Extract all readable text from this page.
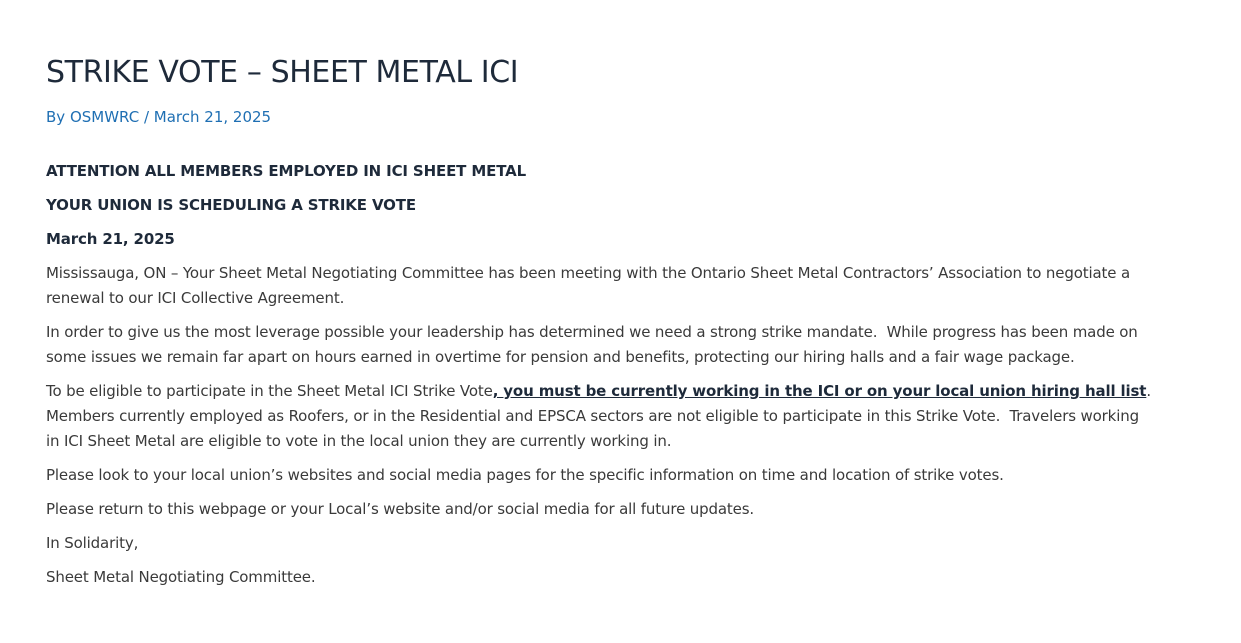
STRIKE VOTE – SHEET METAL ICI
By OSMWRC / March 21, 2025

ATTENTION ALL MEMBERS EMPLOYED IN ICI SHEET METAL

YOUR UNION IS SCHEDULING A STRIKE VOTE

March 21, 2025

Mississauga, ON – Your Sheet Metal Negotiating Committee has been meeting with the Ontario Sheet Metal Contractors’ Association to negotiate a renewal to our ICI Collective Agreement.

In order to give us the most leverage possible your leadership has determined we need a strong strike mandate.  While progress has been made on some issues we remain far apart on hours earned in overtime for pension and benefits, protecting our hiring halls and a fair wage package.

To be eligible to participate in the Sheet Metal ICI Strike Vote, you must be currently working in the ICI or on your local union hiring hall list. Members currently employed as Roofers, or in the Residential and EPSCA sectors are not eligible to participate in this Strike Vote.  Travelers working in ICI Sheet Metal are eligible to vote in the local union they are currently working in.

Please look to your local union’s websites and social media pages for the specific information on time and location of strike votes.

Please return to this webpage or your Local’s website and/or social media for all future updates.

In Solidarity,

Sheet Metal Negotiating Committee.
